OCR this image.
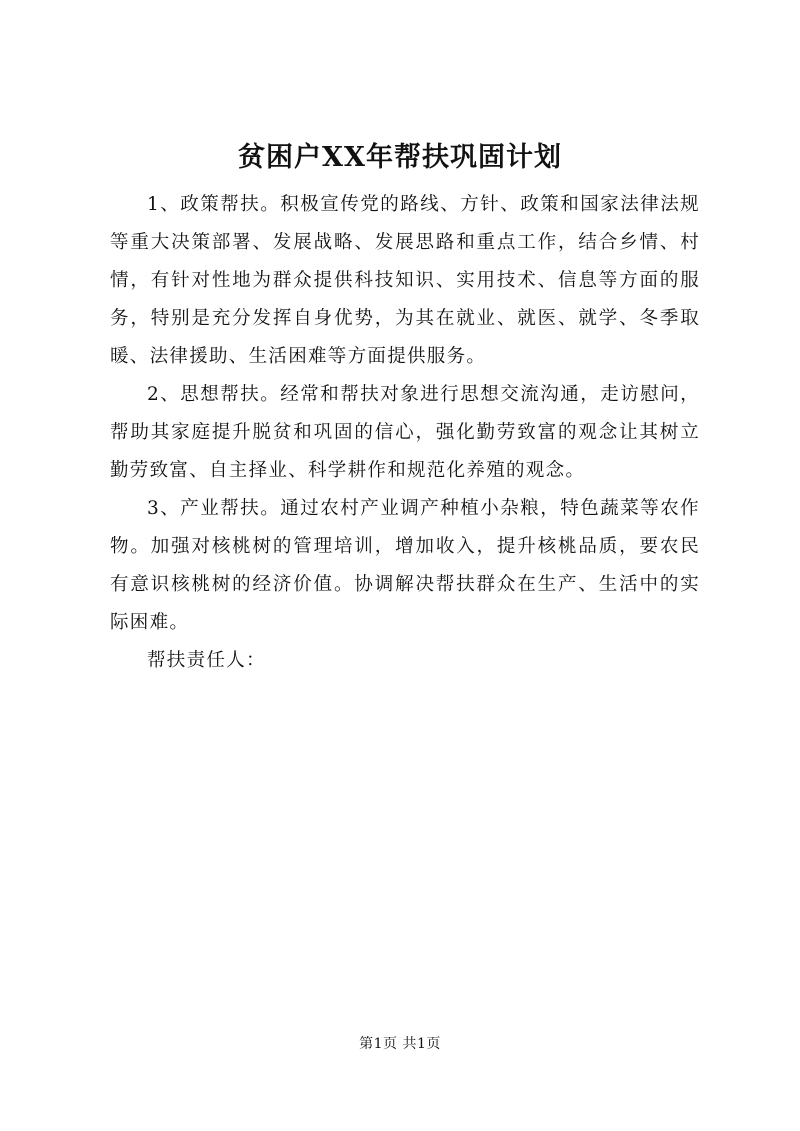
贫困户XX年帮扶巩固计划

1、政策帮扶。积极宣传党的路线、方针、政策和国家法律法规等重大决策部署、发展战略、发展思路和重点工作，结合乡情、村情，有针对性地为群众提供科技知识、实用技术、信息等方面的服务，特别是充分发挥自身优势，为其在就业、就医、就学、冬季取暖、法律援助、生活困难等方面提供服务。

2、思想帮扶。经常和帮扶对象进行思想交流沟通，走访慰问，帮助其家庭提升脱贫和巩固的信心，强化勤劳致富的观念让其树立勤劳致富、自主择业、科学耕作和规范化养殖的观念。

3、产业帮扶。通过农村产业调产种植小杂粮，特色蔬菜等农作物。加强对核桃树的管理培训，增加收入，提升核桃品质，要农民有意识核桃树的经济价值。协调解决帮扶群众在生产、生活中的实际困难。

帮扶责任人：

第1页 共1页
